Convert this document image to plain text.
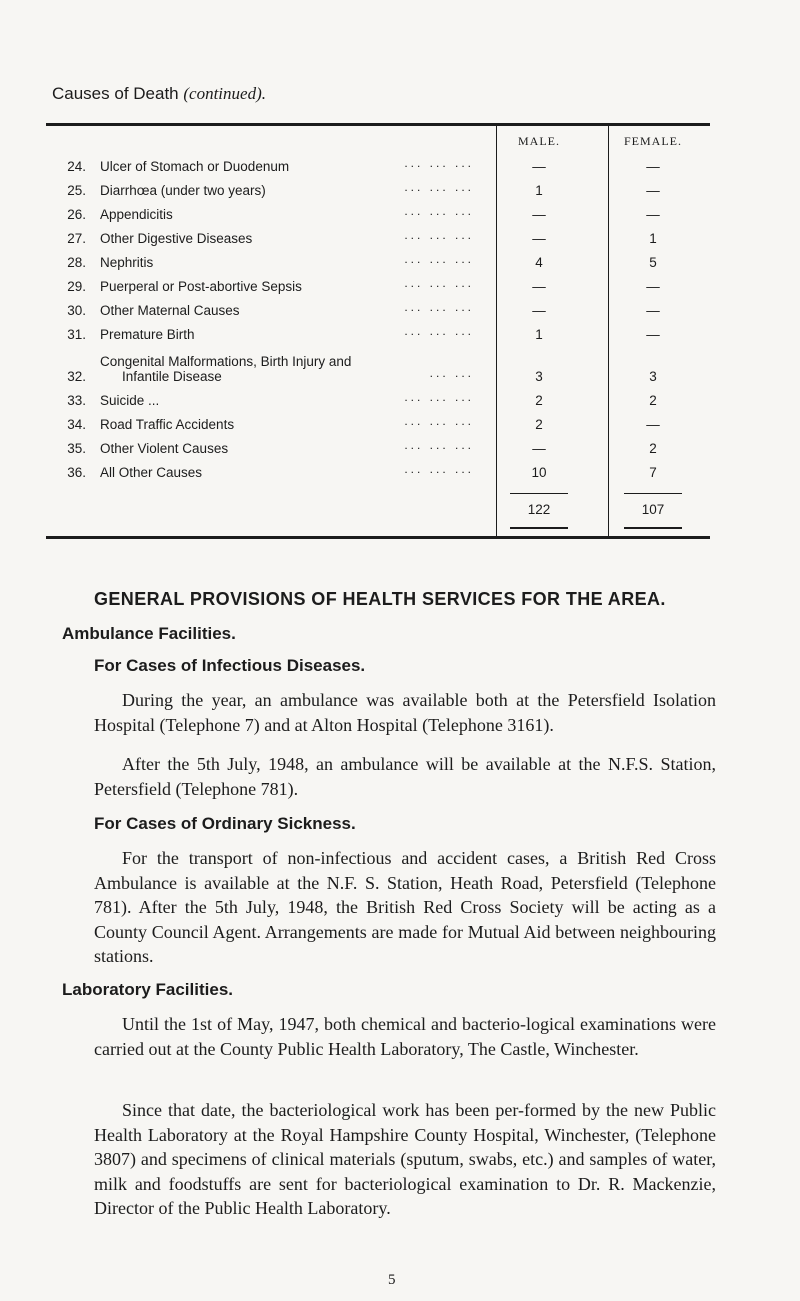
Causes of Death (continued).
		MALE.	FEMALE.
24.	Ulcer of Stomach or Duodenum ... ... ...	—	—
25.	Diarrhœa (under two years) ... ... ...	1	—
26.	Appendicitis ... ... ...	—	—
27.	Other Digestive Diseases ... ... ...	—	1
28.	Nephritis ... ... ...	4	5
29.	Puerperal or Post-abortive Sepsis ... ... ...	—	—
30.	Other Maternal Causes ... ... ...	—	—
31.	Premature Birth ... ... ...	1	—
32.	Congenital Malformations, Birth Injury and
Infantile Disease ... ...	3	3
33.	Suicide ... ... ... ...	2	2
34.	Road Traffic Accidents ... ... ...	2	—
35.	Other Violent Causes ... ... ...	—	2
36.	All Other Causes ... ... ...	10	7
		122	107
GENERAL PROVISIONS OF HEALTH SERVICES FOR THE AREA.
Ambulance Facilities.
For Cases of Infectious Diseases.

During the year, an ambulance was available both at the Petersfield Isolation Hospital (Telephone 7) and at Alton Hospital (Telephone 3161).

After the 5th July, 1948, an ambulance will be available at the N.F.S. Station, Petersfield (Telephone 781).

For Cases of Ordinary Sickness.

For the transport of non-infectious and accident cases, a British Red Cross Ambulance is available at the N.F. S. Station, Heath Road, Petersfield (Telephone 781). After the 5th July, 1948, the British Red Cross Society will be acting as a County Council Agent. Arrangements are made for Mutual Aid between neighbouring stations.

Laboratory Facilities.

Until the 1st of May, 1947, both chemical and bacterio-logical examinations were carried out at the County Public Health Laboratory, The Castle, Winchester.

Since that date, the bacteriological work has been per-formed by the new Public Health Laboratory at the Royal Hampshire County Hospital, Winchester, (Telephone 3807) and specimens of clinical materials (sputum, swabs, etc.) and samples of water, milk and foodstuffs are sent for bacteriological examination to Dr. R. Mackenzie, Director of the Public Health Laboratory.

5
